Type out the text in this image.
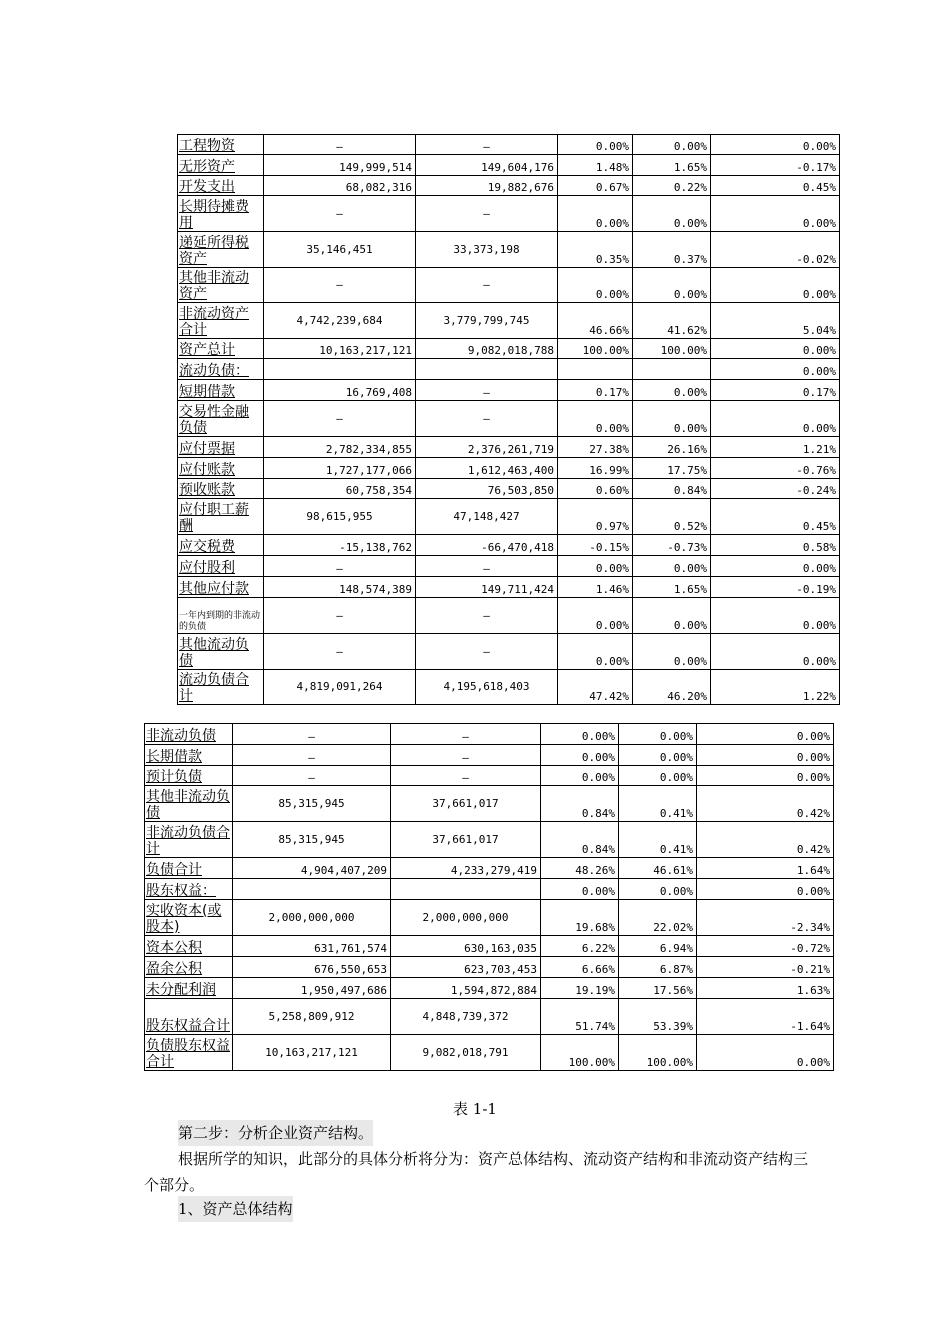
工程物资	–	–	0.00%	0.00%	0.00%
无形资产	149,999,514	149,604,176	1.48%	1.65%	-0.17%
开发支出	68,082,316	19,882,676	0.67%	0.22%	0.45%
长期待摊费用	–	–	0.00%	0.00%	0.00%
递延所得税资产	35,146,451	33,373,198	0.35%	0.37%	-0.02%
其他非流动资产	–	–	0.00%	0.00%	0.00%
非流动资产合计	4,742,239,684	3,779,799,745	46.66%	41.62%	5.04%
资产总计	10,163,217,121	9,082,018,788	100.00%	100.00%	0.00%
流动负债：					0.00%
短期借款	16,769,408	–	0.17%	0.00%	0.17%
交易性金融负债	–	–	0.00%	0.00%	0.00%
应付票据	2,782,334,855	2,376,261,719	27.38%	26.16%	1.21%
应付账款	1,727,177,066	1,612,463,400	16.99%	17.75%	-0.76%
预收账款	60,758,354	76,503,850	0.60%	0.84%	-0.24%
应付职工薪酬	98,615,955	47,148,427	0.97%	0.52%	0.45%
应交税费	-15,138,762	-66,470,418	-0.15%	-0.73%	0.58%
应付股利	–	–	0.00%	0.00%	0.00%
其他应付款	148,574,389	149,711,424	1.46%	1.65%	-0.19%
一年内到期的非流动的负债	–	–	0.00%	0.00%	0.00%
其他流动负债	–	–	0.00%	0.00%	0.00%
流动负债合计	4,819,091,264	4,195,618,403	47.42%	46.20%	1.22%
非流动负债	–	–	0.00%	0.00%	0.00%
长期借款	–	–	0.00%	0.00%	0.00%
预计负债	–	–	0.00%	0.00%	0.00%
其他非流动负债	85,315,945	37,661,017	0.84%	0.41%	0.42%
非流动负债合计	85,315,945	37,661,017	0.84%	0.41%	0.42%
负债合计	4,904,407,209	4,233,279,419	48.26%	46.61%	1.64%
股东权益：			0.00%	0.00%	0.00%
实收资本(或股本)	2,000,000,000	2,000,000,000	19.68%	22.02%	-2.34%
资本公积	631,761,574	630,163,035	6.22%	6.94%	-0.72%
盈余公积	676,550,653	623,703,453	6.66%	6.87%	-0.21%
未分配利润	1,950,497,686	1,594,872,884	19.19%	17.56%	1.63%
股东权益合计	5,258,809,912	4,848,739,372	51.74%	53.39%	-1.64%
负债股东权益合计	10,163,217,121	9,082,018,791	100.00%	100.00%	0.00%
表 1-1
第二步：分析企业资产结构。
根据所学的知识，此部分的具体分析将分为：资产总体结构、流动资产结构和非流动资产结构三个部分。
1、资产总体结构
